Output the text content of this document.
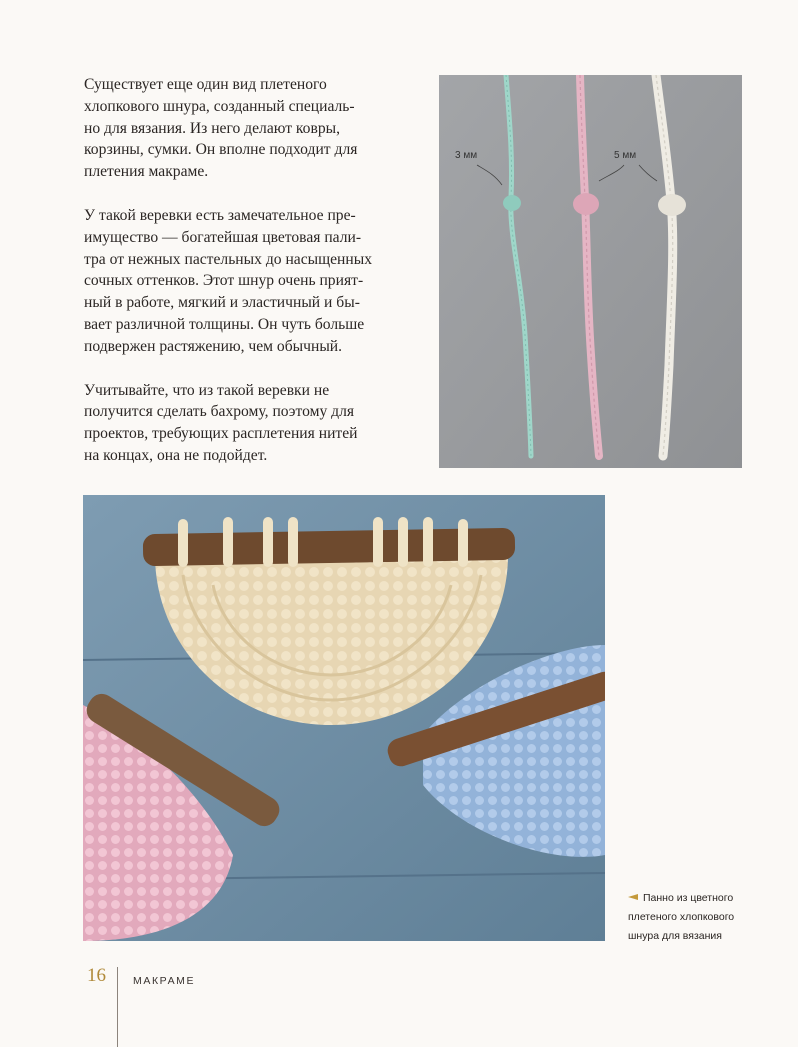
Существует еще один вид плетеного
хлопкового шнура, созданный специаль-
но для вязания. Из него делают ковры,
корзины, сумки. Он вполне подходит для
плетения макраме.

У такой веревки есть замечательное пре-
имущество — богатейшая цветовая пали-
тра от нежных пастельных до насыщенных
сочных оттенков. Этот шнур очень прият-
ный в работе, мягкий и эластичный и бы-
вает различной толщины. Он чуть больше
подвержен растяжению, чем обычный.

Учитывайте, что из такой веревки не
получится сделать бахрому, поэтому для
проектов, требующих расплетения нитей
на концах, она не подойдет.

3 мм	5 мм
Панно из цветного
плетеного хлопкового
шнура для вязания
16	МАКРАМЕ
